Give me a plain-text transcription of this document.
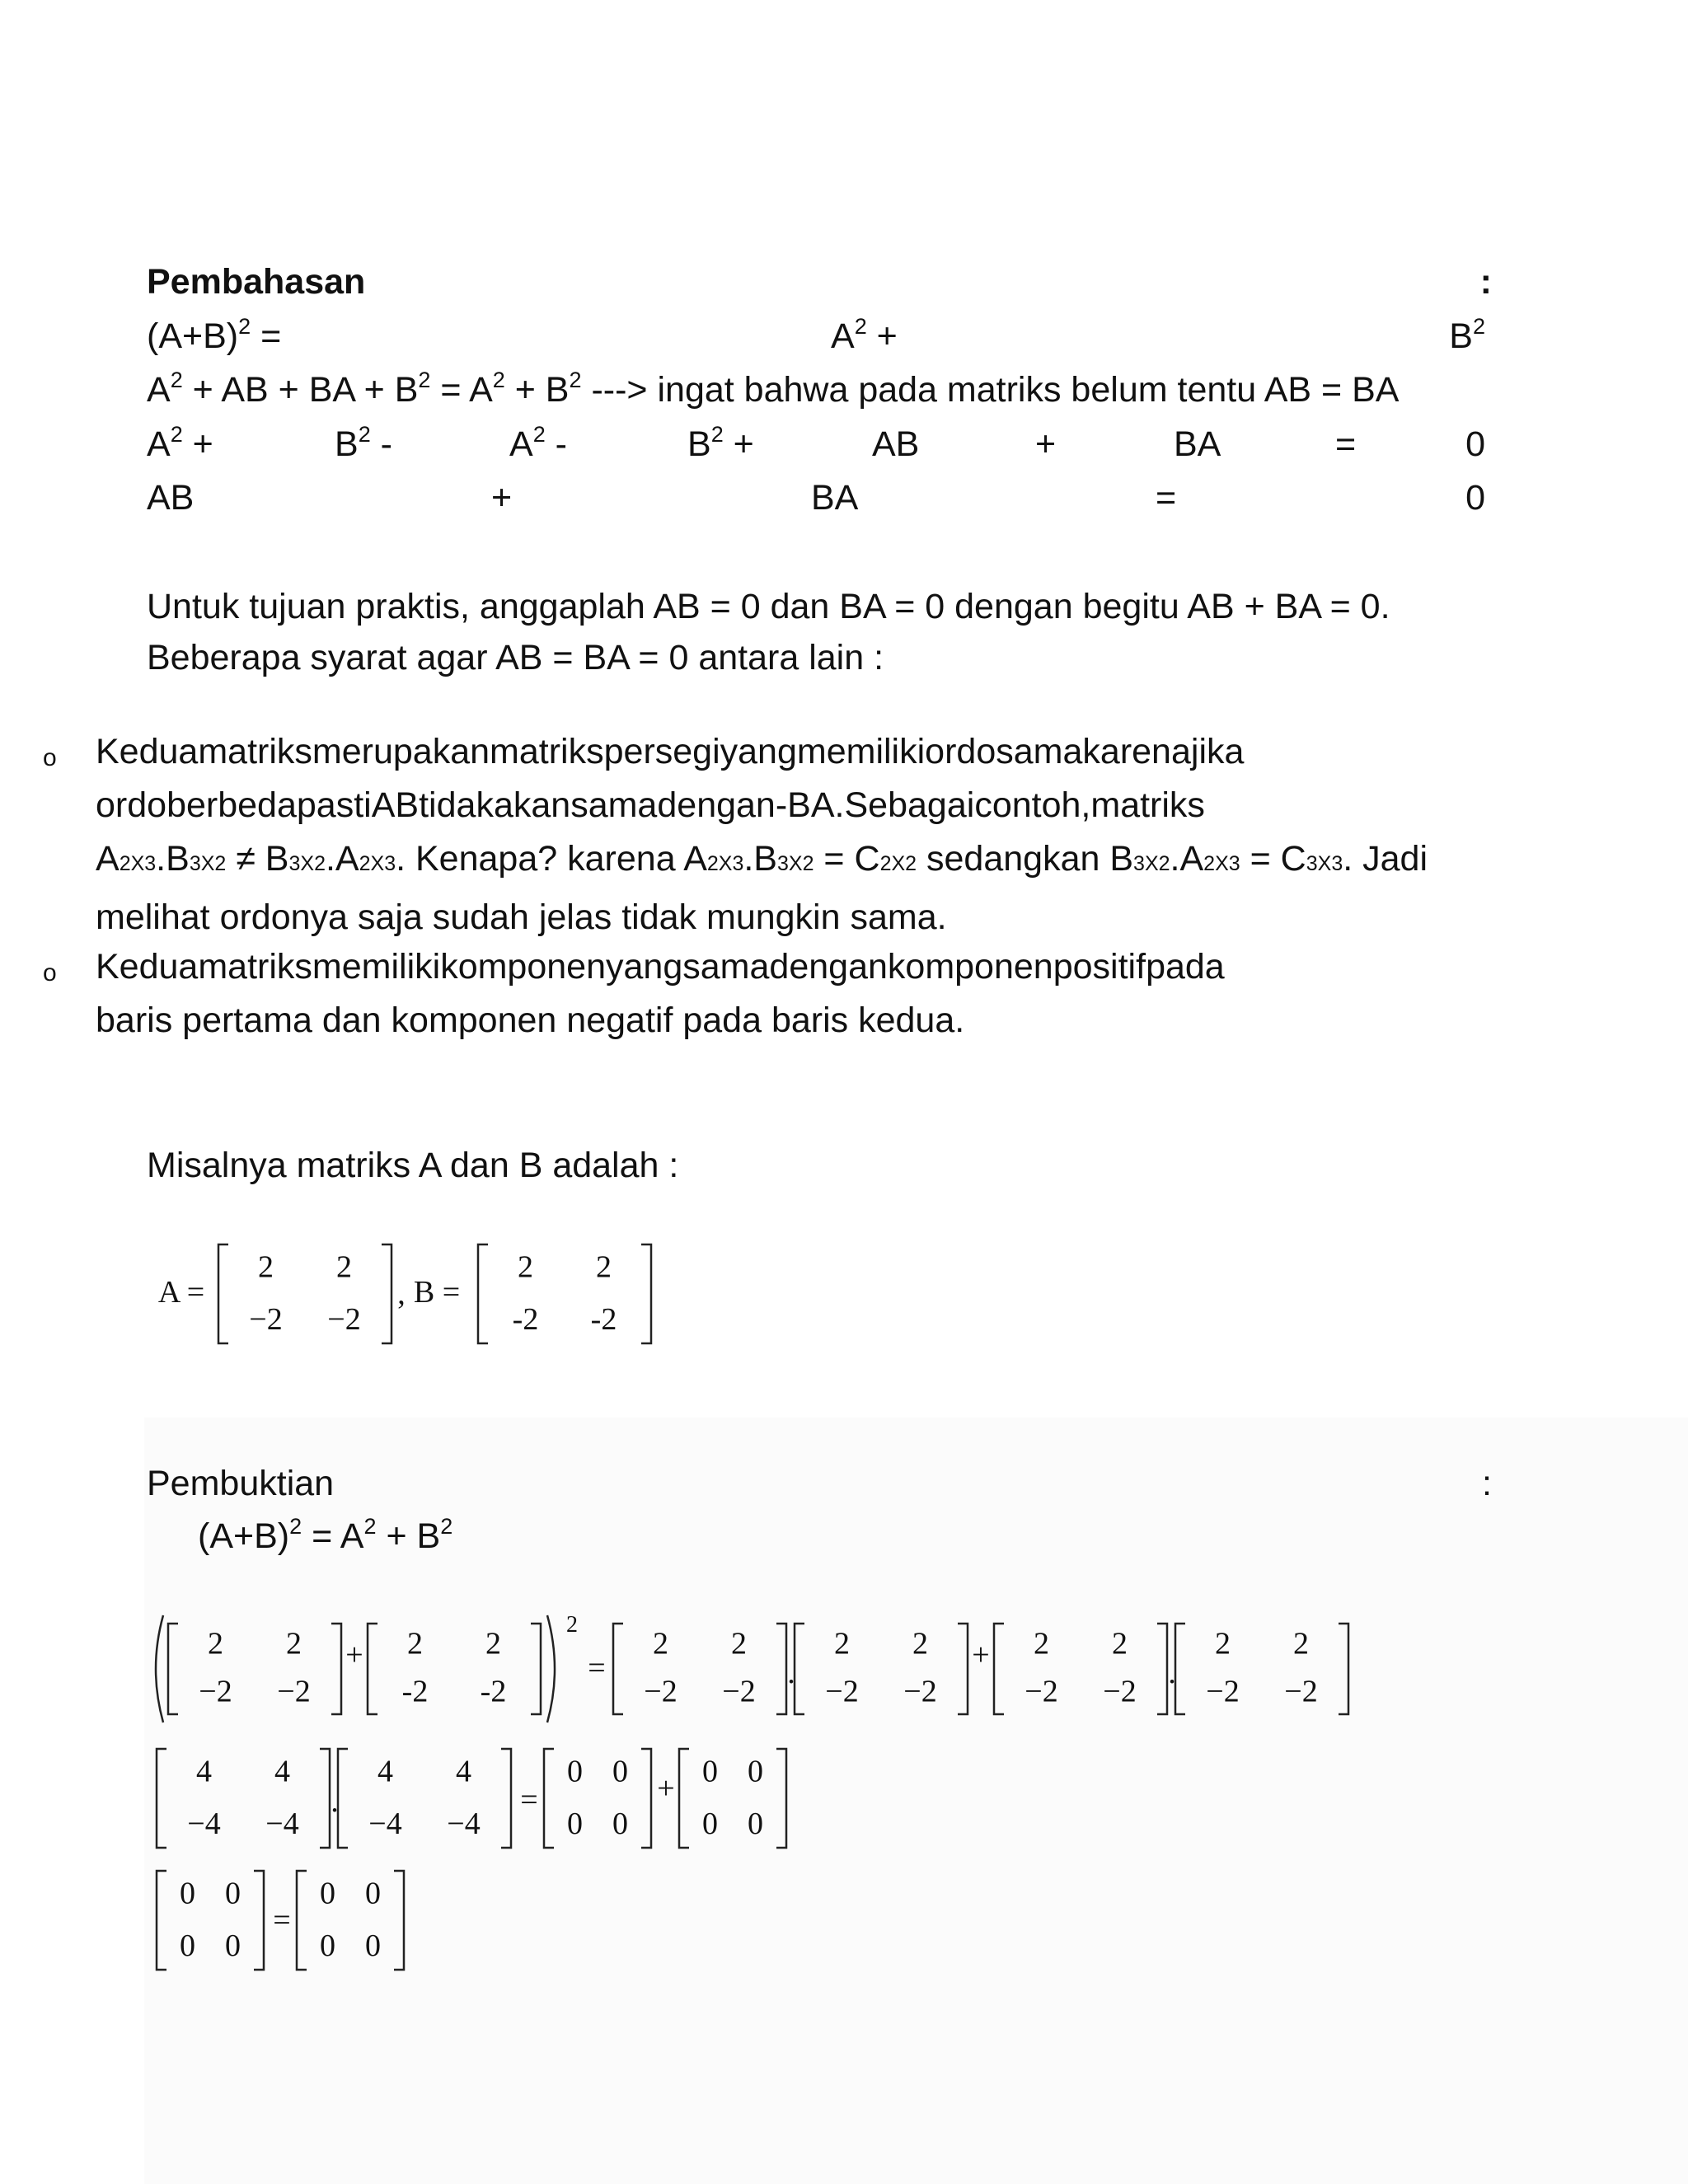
Pembahasan	:
$(A+B)^2$ =	$A^2$ +	$B^2$
$A^2$ + AB + BA + $B^2 = A^2 + B^2$ ---> ingat bahwa pada matriks belum tentu AB = BA
$A^2$ +	$B^2$ -	$A^2$ -	$B^2$ +	AB	+	BA	=	0
AB	+	BA	=	0
Untuk tujuan praktis, anggaplah AB = 0 dan BA = 0 dengan begitu AB + BA = 0.
Beberapa syarat agar AB = BA = 0 antara lain :
o Keduamatriksmerupakanmatrikspersegiyangmemilikiordosamakarenajika
ordoberbedapastiABtidakakansamadengan-BA.Sebagaicontoh,matriks
A2X3.B3X2 ≠ B3X2.A2X3. Kenapa? karena A2X3.B3X2 = C2X2 sedangkan B3X2.A2X3 = C3X3. Jadi
melihat ordonya saja sudah jelas tidak mungkin sama.
o Keduamatriksmemilikikomponenyangsamadengankomponenpositifpada
baris pertama dan komponen negatif pada baris kedua.
Misalnya matriks A dan B adalah :
A =
2 2
−2 −2
, B =
2 2
-2 -2
Pembuktian	:
$(A+B)^2 = A^2 + B^2$
2 2
−2 −2
+ 2 2
-2 -2
2
=
2 2
−2 −2
.
2 2
−2 −2
+ 2 2
−2 −2
.
2 2
−2 −2
4 4
−4 −4
.
4 4
−4 −4
=
0 0
0 0
+ 0 0
0 0
0 0
0 0
=
0 0
0 0
